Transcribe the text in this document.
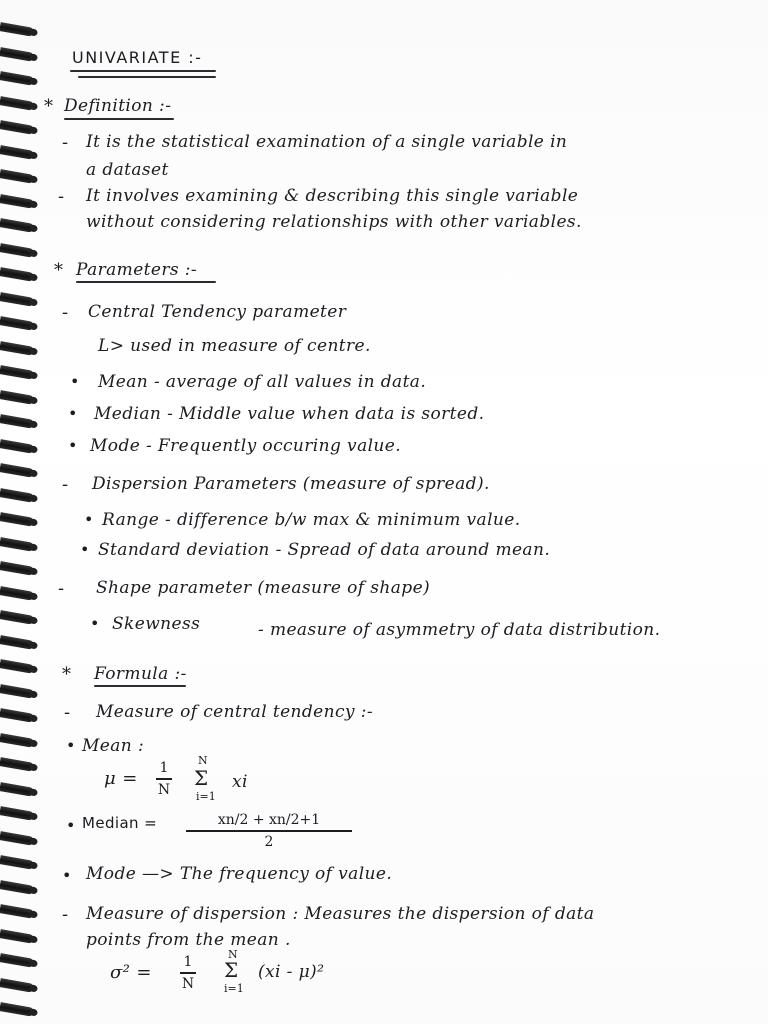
UNIVARIATE :-
* Definition :-
- It is the statistical examination of a single variable in
a dataset
- It involves examining & describing this single variable
without considering relationships with other variables.
* Parameters :-
- Central Tendency parameter
L> used in measure of centre.
• Mean - average of all values in data.
• Median - Middle value when data is sorted.
• Mode - Frequently occuring value.
- Dispersion Parameters (measure of spread).
• Range - difference b/w max & minimum value.
• Standard deviation - Spread of data around mean.
- Shape parameter (measure of shape)
• Skewness	- measure of asymmetry of data distribution.
* Formula :-
- Measure of central tendency :-
• Mean :
μ = 1
N
N
Σ
i=1
xi
• Median =	xn/2 + xn/2+1
2
• Mode —> The frequency of value.
- Measure of dispersion : Measures the dispersion of data
points from the mean .
σ² = 1
N
N
Σ
i=1
(xi - μ)²
